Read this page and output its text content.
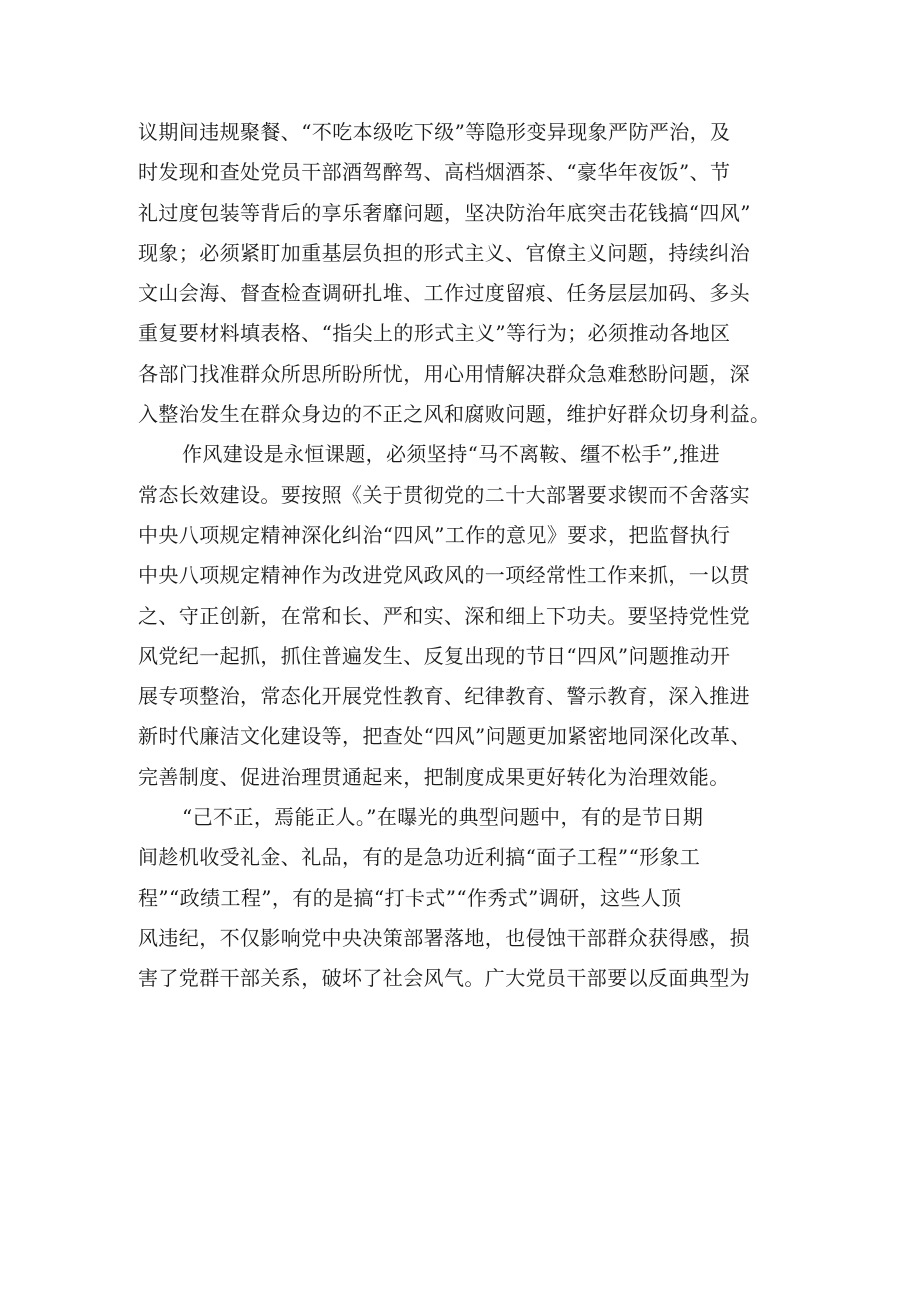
议期间违规聚餐、“不吃本级吃下级”等隐形变异现象严防严治，及
时发现和查处党员干部酒驾醉驾、高档烟酒茶、“豪华年夜饭”、节
礼过度包装等背后的享乐奢靡问题，坚决防治年底突击花钱搞“四风”
现象；必须紧盯加重基层负担的形式主义、官僚主义问题，持续纠治
文山会海、督查检查调研扎堆、工作过度留痕、任务层层加码、多头
重复要材料填表格、“指尖上的形式主义”等行为；必须推动各地区
各部门找准群众所思所盼所忧，用心用情解决群众急难愁盼问题，深
入整治发生在群众身边的不正之风和腐败问题，维护好群众切身利益。

作风建设是永恒课题，必须坚持“马不离鞍、缰不松手”,推进
常态长效建设。要按照《关于贯彻党的二十大部署要求锲而不舍落实
中央八项规定精神深化纠治“四风”工作的意见》要求，把监督执行
中央八项规定精神作为改进党风政风的一项经常性工作来抓，一以贯
之、守正创新，在常和长、严和实、深和细上下功夫。要坚持党性党
风党纪一起抓，抓住普遍发生、反复出现的节日“四风”问题推动开
展专项整治，常态化开展党性教育、纪律教育、警示教育，深入推进
新时代廉洁文化建设等，把查处“四风”问题更加紧密地同深化改革、
完善制度、促进治理贯通起来，把制度成果更好转化为治理效能。

“己不正，焉能正人。”在曝光的典型问题中，有的是节日期
间趁机收受礼金、礼品，有的是急功近利搞“面子工程”“形象工
程”“政绩工程”，有的是搞“打卡式”“作秀式”调研，这些人顶
风违纪，不仅影响党中央决策部署落地，也侵蚀干部群众获得感，损
害了党群干部关系，破坏了社会风气。广大党员干部要以反面典型为
